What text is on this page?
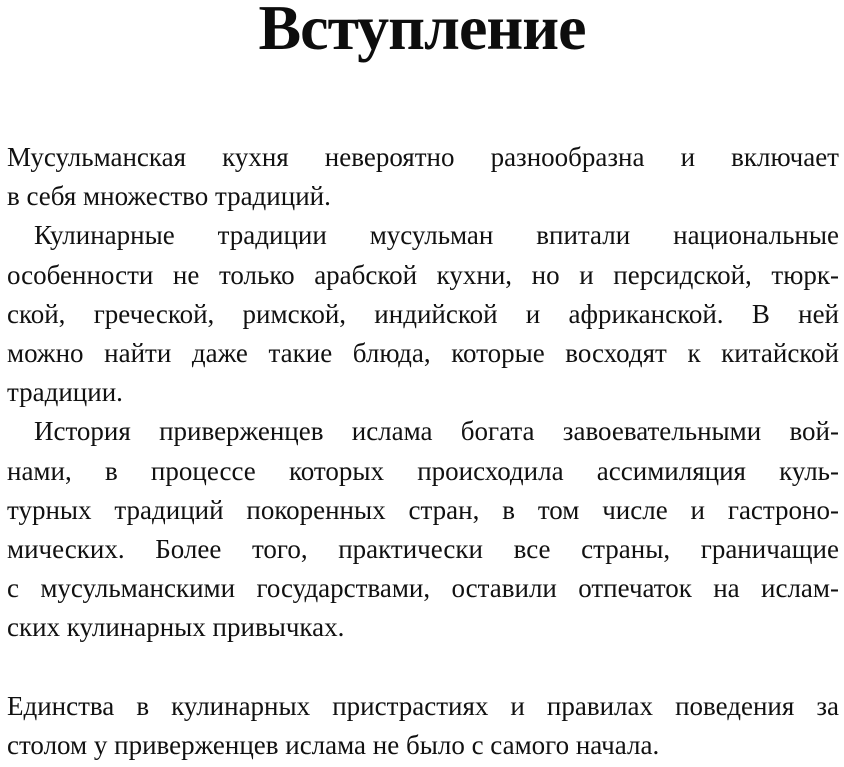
Вступление

Мусульманская кухня невероятно разнообразна и включает
в себя множество традиций.

Кулинарные традиции мусульман впитали национальные
особенности не только арабской кухни, но и персидской, тюрк-
ской, греческой, римской, индийской и африканской. В ней
можно найти даже такие блюда, которые восходят к китайской
традиции.

История приверженцев ислама богата завоевательными вой-
нами, в процессе которых происходила ассимиляция куль-
турных традиций покоренных стран, в том числе и гастроно-
мических. Более того, практически все страны, граничащие
с мусульманскими государствами, оставили отпечаток на ислам-
ских кулинарных привычках.

Единства в кулинарных пристрастиях и правилах поведения за
столом у приверженцев ислама не было с самого начала.
